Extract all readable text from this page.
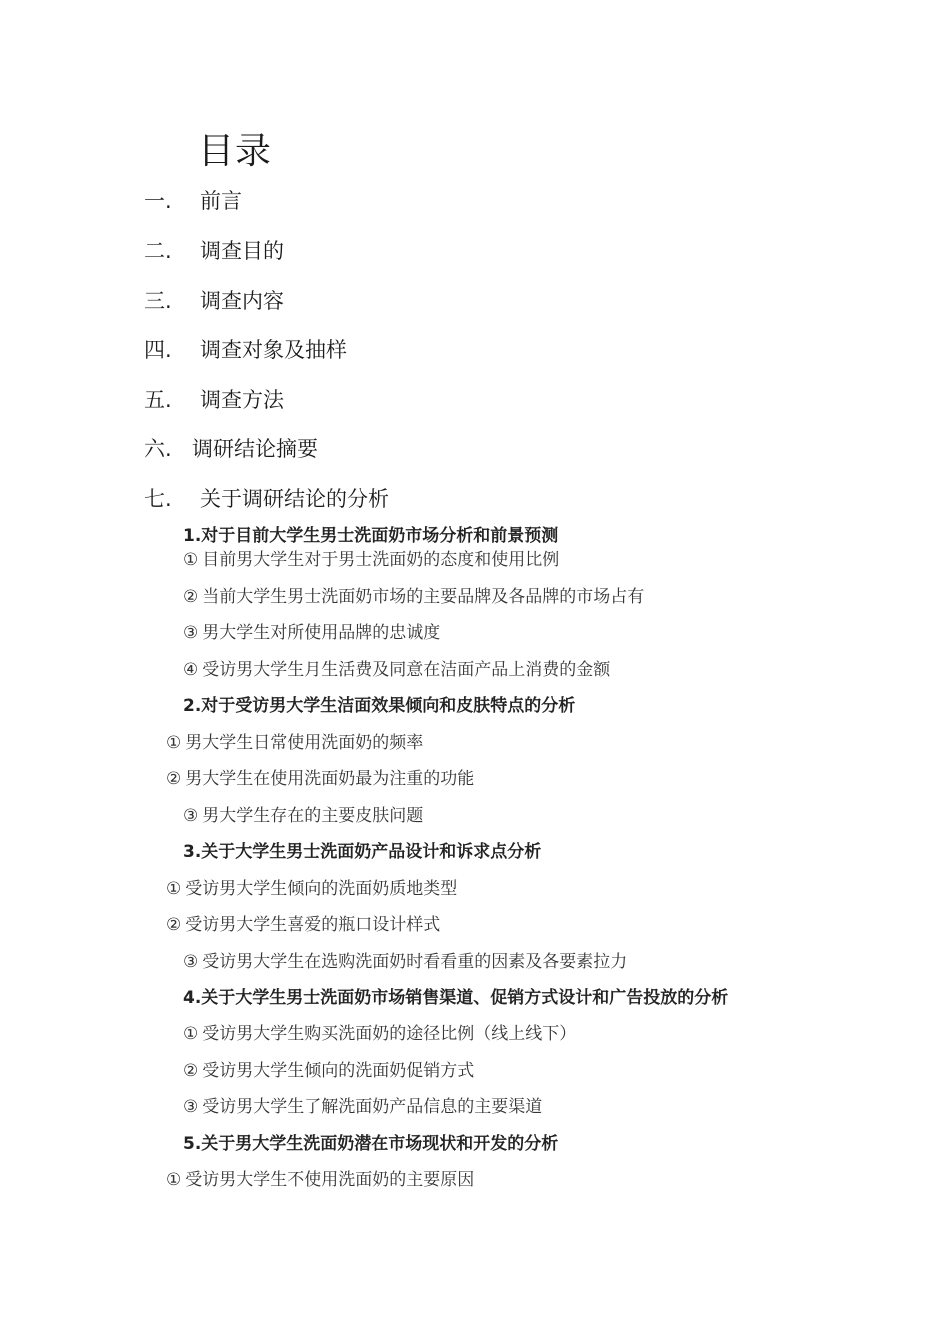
目录
一. 前言
二. 调查目的
三. 调查内容
四. 调查对象及抽样
五. 调查方法
六. 调研结论摘要
七. 关于调研结论的分析
1.对于目前大学生男士洗面奶市场分析和前景预测
① 目前男大学生对于男士洗面奶的态度和使用比例
② 当前大学生男士洗面奶市场的主要品牌及各品牌的市场占有
③ 男大学生对所使用品牌的忠诚度
④ 受访男大学生月生活费及同意在洁面产品上消费的金额
2.对于受访男大学生洁面效果倾向和皮肤特点的分析
① 男大学生日常使用洗面奶的频率
② 男大学生在使用洗面奶最为注重的功能
③ 男大学生存在的主要皮肤问题
3.关于大学生男士洗面奶产品设计和诉求点分析
① 受访男大学生倾向的洗面奶质地类型
② 受访男大学生喜爱的瓶口设计样式
③ 受访男大学生在选购洗面奶时看看重的因素及各要素拉力
4.关于大学生男士洗面奶市场销售渠道、促销方式设计和广告投放的分析
① 受访男大学生购买洗面奶的途径比例（线上线下）
② 受访男大学生倾向的洗面奶促销方式
③ 受访男大学生了解洗面奶产品信息的主要渠道
5.关于男大学生洗面奶潜在市场现状和开发的分析
① 受访男大学生不使用洗面奶的主要原因
